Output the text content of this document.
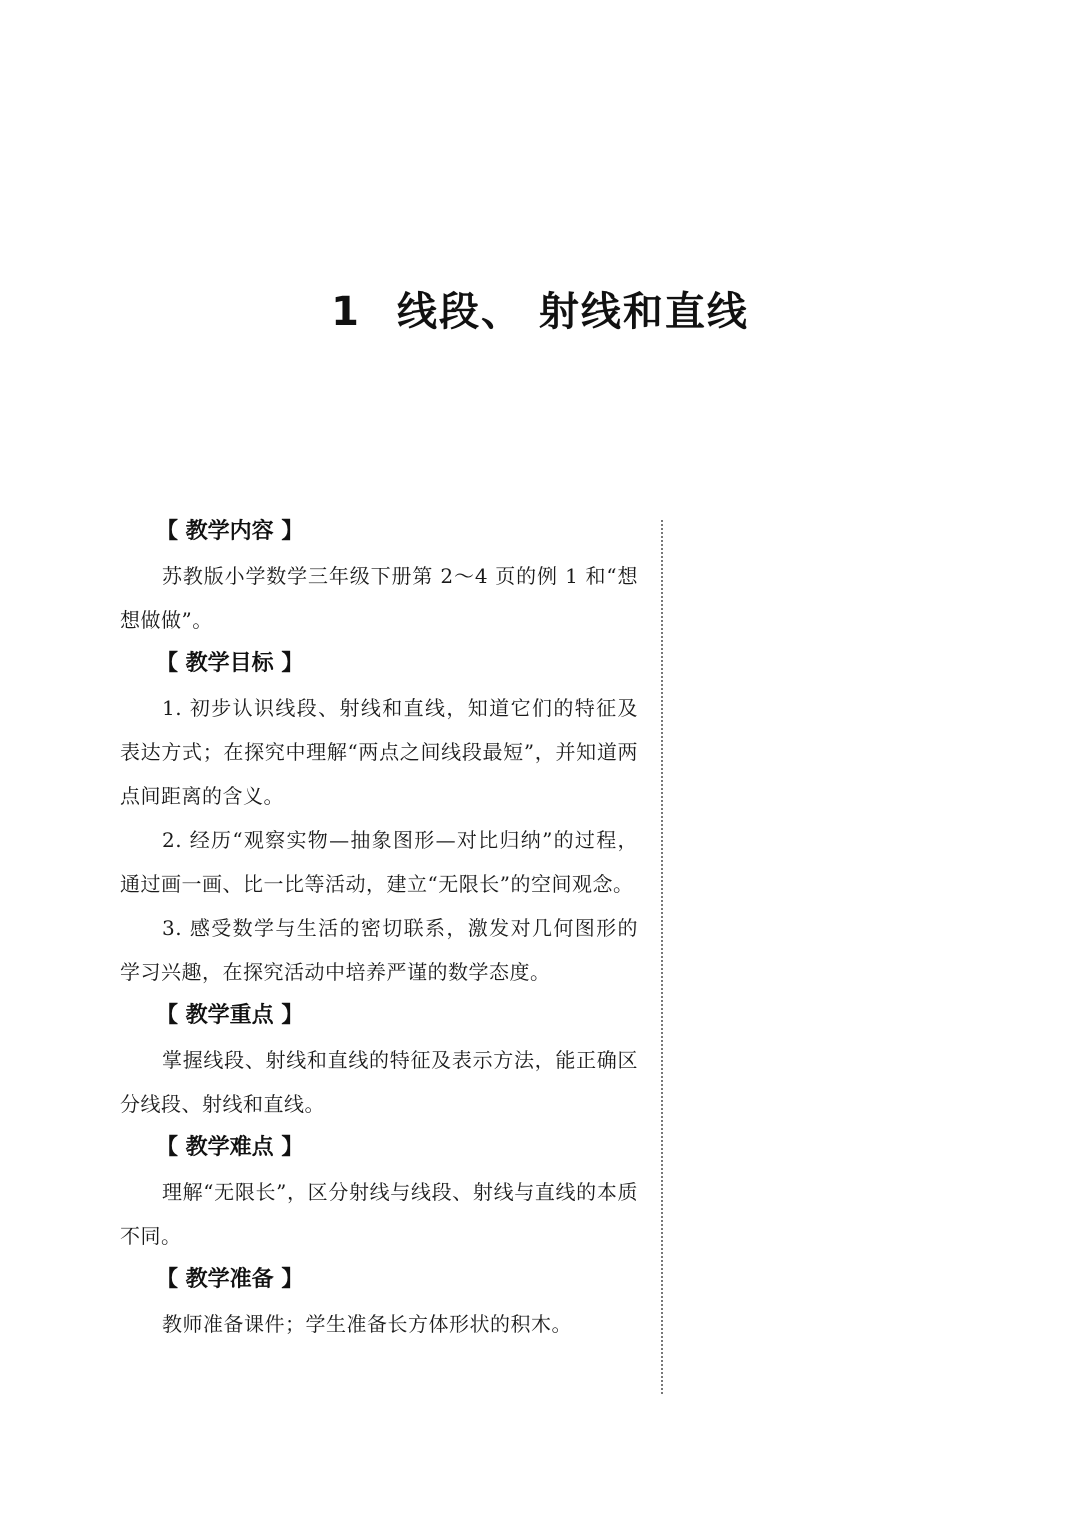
1 线段、 射线和直线
【 教学内容 】

苏教版小学数学三年级下册第 2～4 页的例 1 和“想想做做”。

【 教学目标 】

1. 初步认识线段、射线和直线，知道它们的特征及表达方式；在探究中理解“两点之间线段最短”，并知道两点间距离的含义。

2. 经历“观察实物—抽象图形—对比归纳”的过程，通过画一画、比一比等活动，建立“无限长”的空间观念。

3. 感受数学与生活的密切联系，激发对几何图形的学习兴趣，在探究活动中培养严谨的数学态度。

【 教学重点 】

掌握线段、射线和直线的特征及表示方法，能正确区分线段、射线和直线。

【 教学难点 】

理解“无限长”，区分射线与线段、射线与直线的本质不同。

【 教学准备 】

教师准备课件；学生准备长方体形状的积木。
